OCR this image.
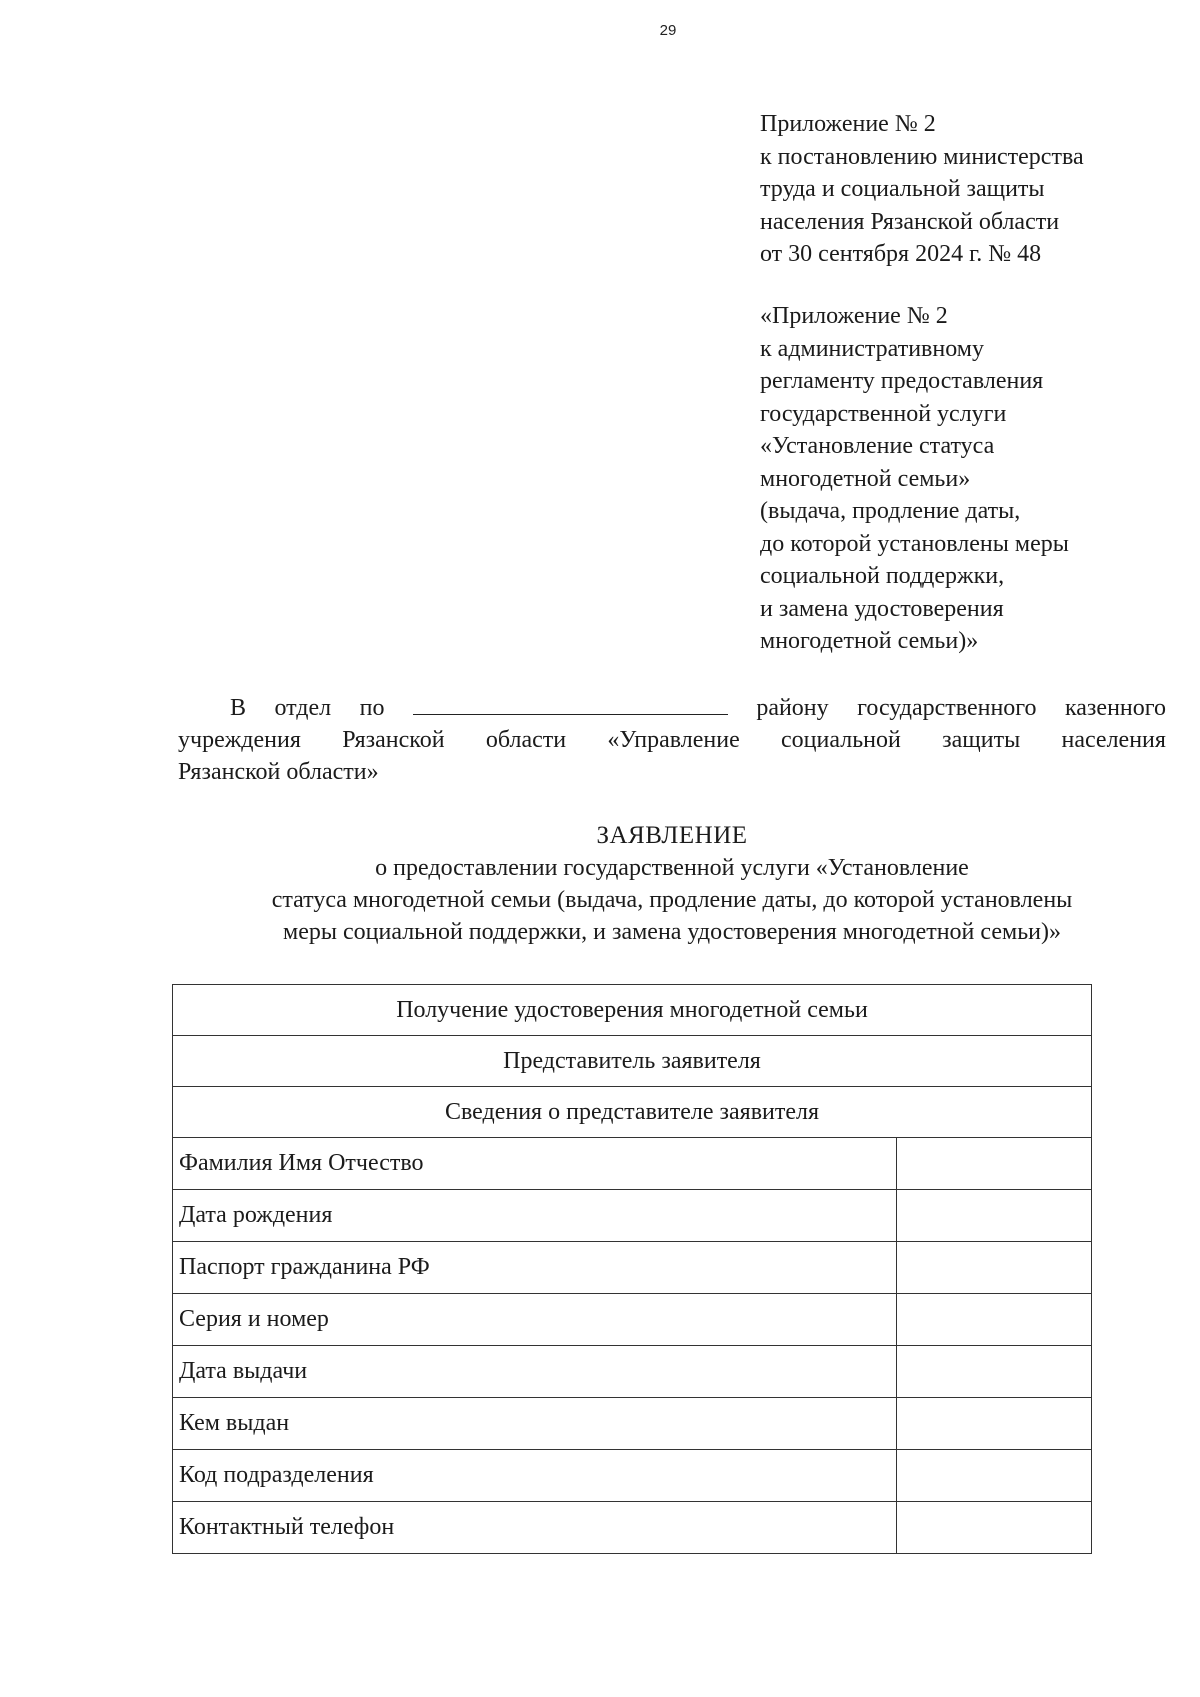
29
Приложение № 2
к постановлению министерства
труда и социальной защиты
населения Рязанской области
от 30 сентября 2024 г. № 48
«Приложение № 2
к административному
регламенту предоставления
государственной услуги
«Установление статуса
многодетной семьи»
(выдача, продление даты,
до которой установлены меры
социальной поддержки,
и замена удостоверения
многодетной семьи)»
В отдел по	району государственного казенного
учреждения Рязанской области «Управление социальной защиты населения
Рязанской области»
ЗАЯВЛЕНИЕ
о предоставлении государственной услуги «Установление
статуса многодетной семьи (выдача, продление даты, до которой установлены
меры социальной поддержки, и замена удостоверения многодетной семьи)»
Получение удостоверения многодетной семьи	
Представитель заявителя	
Сведения о представителе заявителя	
Фамилия Имя Отчество	
Дата рождения	
Паспорт гражданина РФ	
Серия и номер	
Дата выдачи	
Кем выдан	
Код подразделения	
Контактный телефон	
